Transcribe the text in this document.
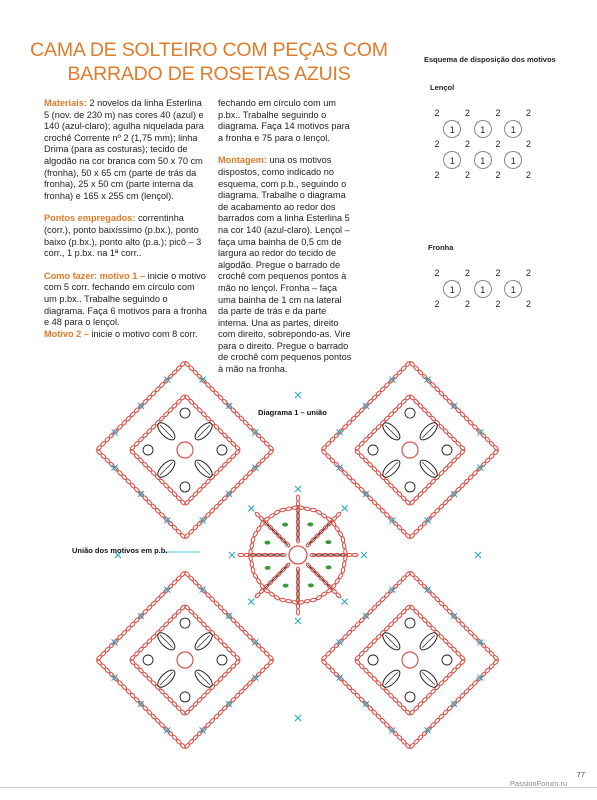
CAMA DE SOLTEIRO COM PEÇAS COM
BARRADO DE ROSETAS AZUIS

Materiais: 2 novelos da linha Esterlina 5 (nov. de 230 m) nas cores 40 (azul) e 140 (azul-claro); agulha niquelada para crochê Corrente nº 2 (1,75 mm); linha Drima (para as costuras); tecido de algodão na cor branca com 50 x 70 cm (fronha), 50 x 65 cm (parte de trás da fronha), 25 x 50 cm (parte interna da fronha) e 165 x 255 cm (lençol).

Pontos empregados: correntinha (corr.), ponto baixíssimo (p.bx.), ponto baixo (p.bx.), ponto alto (p.a.); picô – 3 corr., 1 p.bx. na 1ª corr..

Como fazer: motivo 1 – inicie o motivo com 5 corr. fechando em círculo com um p.bx.. Trabalhe seguindo o diagrama. Faça 6 motivos para a fronha e 48 para o lençol.

Motivo 2 – inicie o motivo com 8 corr.

fechando em círculo com um p.bx.. Trabalhe seguindo o diagrama. Faça 14 motivos para a fronha e 75 para o lençol.

Montagem: una os motivos dispostos, como indicado no esquema, com p.b., seguindo o diagrama. Trabalhe o diagrama de acabamento ao redor dos barrados com a linha Esterlina 5 na cor 140 (azul-claro). Lençol – faça uma bainha de 0,5 cm de largura ao redor do tecido de algodão. Pregue o barrado de crochê com pequenos pontos à mão no lençol. Fronha – faça uma bainha de 1 cm na lateral da parte de trás e da parte interna. Una as partes, direito com direito, sobrepondo-as. Vire para o direito. Pregue o barrado de crochê com pequenos pontos à mão na fronha.

Esquema de disposição dos motivos
Lençol
Fronha
2	2	2	2
1	1	1
2	2	2	2
1	1	1
2	2	2	2
2	2	2	2
1	1	1
2	2	2	2
Diagrama 1 – união
União dos motivos em p.b.
PassionForum.ru
77
